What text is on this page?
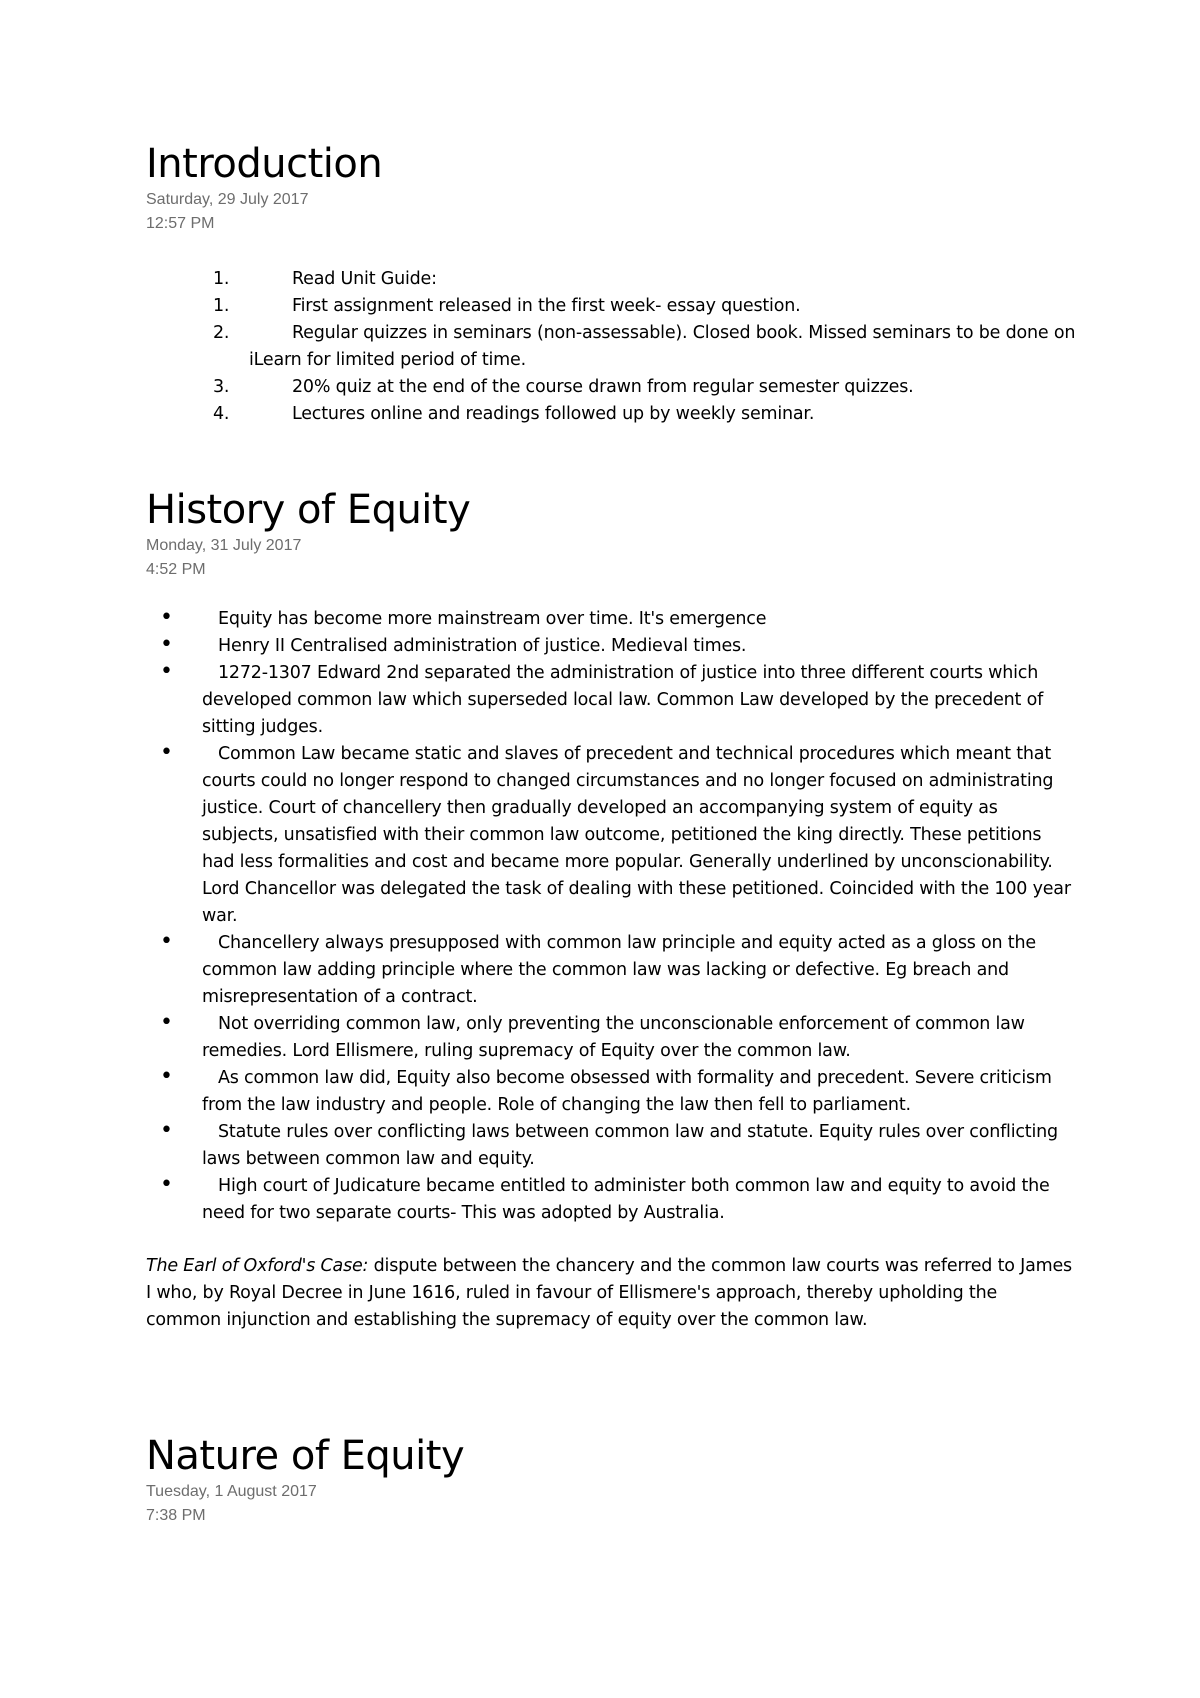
Introduction
Saturday, 29 July 2017
12:57 PM
1.	Read Unit Guide:
1.	First assignment released in the first week- essay question.
2.	Regular quizzes in seminars (non-assessable). Closed book. Missed seminars to be done on iLearn for limited period of time.
3.	20% quiz at the end of the course drawn from regular semester quizzes.
4.	Lectures online and readings followed up by weekly seminar.
History of Equity
Monday, 31 July 2017
4:52 PM
•	Equity has become more mainstream over time. It's emergence
•	Henry II Centralised administration of justice. Medieval times.
•	1272-1307 Edward 2nd separated the administration of justice into three different courts which developed common law which superseded local law. Common Law developed by the precedent of sitting judges.
•	Common Law became static and slaves of precedent and technical procedures which meant that courts could no longer respond to changed circumstances and no longer focused on administrating justice. Court of chancellery then gradually developed an accompanying system of equity as subjects, unsatisfied with their common law outcome, petitioned the king directly. These petitions had less formalities and cost and became more popular. Generally underlined by unconscionability. Lord Chancellor was delegated the task of dealing with these petitioned. Coincided with the 100 year war.
•	Chancellery always presupposed with common law principle and equity acted as a gloss on the common law adding principle where the common law was lacking or defective. Eg breach and misrepresentation of a contract.
•	Not overriding common law, only preventing the unconscionable enforcement of common law remedies. Lord Ellismere, ruling supremacy of Equity over the common law.
•	As common law did, Equity also become obsessed with formality and precedent. Severe criticism from the law industry and people. Role of changing the law then fell to parliament.
•	Statute rules over conflicting laws between common law and statute. Equity rules over conflicting laws between common law and equity.
•	High court of Judicature became entitled to administer both common law and equity to avoid the need for two separate courts- This was adopted by Australia.

The Earl of Oxford's Case: dispute between the chancery and the common law courts was referred to James I who, by Royal Decree in June 1616, ruled in favour of Ellismere's approach, thereby upholding the common injunction and establishing the supremacy of equity over the common law.

Nature of Equity
Tuesday, 1 August 2017
7:38 PM
